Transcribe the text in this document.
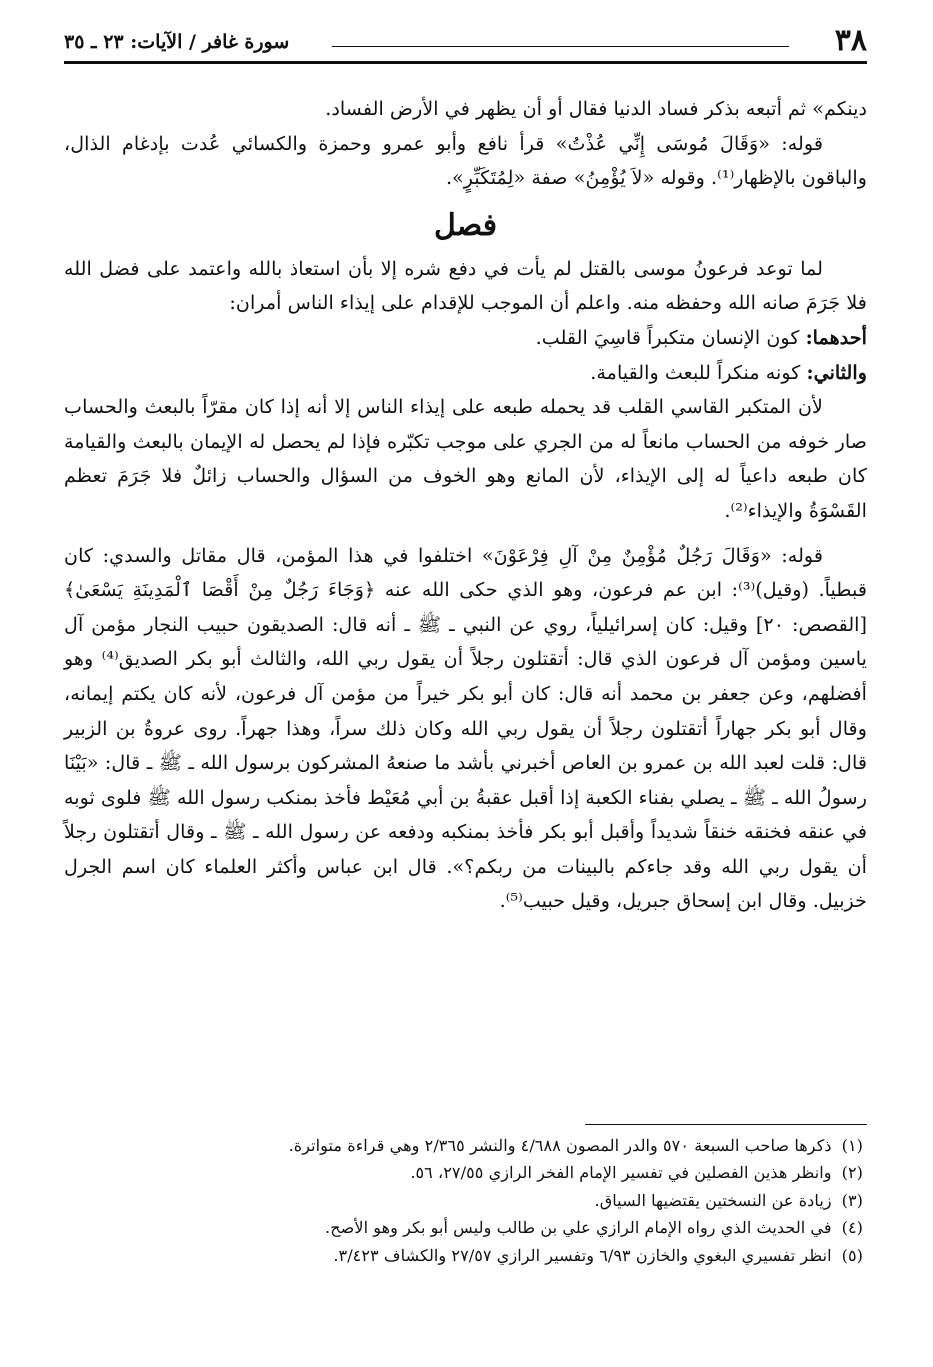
٣٨
سورة غافر / الآيات: ٢٣ ـ ٣٥

دينكم» ثم أتبعه بذكر فساد الدنيا فقال أو أن يظهر في الأرض الفساد.

قوله: «وَقَالَ مُوسَى إِنِّي عُذْتُ» قرأ نافع وأبو عمرو وحمزة والكسائي عُدت بإدغام الذال، والباقون بالإظهار⁽¹⁾. وقوله «لاَ يُؤْمِنُ» صفة «لِمُتَكَبِّرٍ».

فصل

لما توعد فرعونُ موسى بالقتل لم يأت في دفع شره إلا بأن استعاذ بالله واعتمد على فضل الله فلا جَرَمَ صانه الله وحفظه منه. واعلم أن الموجب للإقدام على إيذاء الناس أمران:

أحدهما: كون الإنسان متكبراً قاسِيَ القلب.

والثاني: كونه منكراً للبعث والقيامة.

لأن المتكبر القاسي القلب قد يحمله طبعه على إيذاء الناس إلا أنه إذا كان مقرّاً بالبعث والحساب صار خوفه من الحساب مانعاً له من الجري على موجب تكبّره فإذا لم يحصل له الإيمان بالبعث والقيامة كان طبعه داعياً له إلى الإيذاء، لأن المانع وهو الخوف من السؤال والحساب زائلٌ فلا جَرَمَ تعظم القَسْوَةُ والإيذاء⁽²⁾.

قوله: «وَقَالَ رَجُلٌ مُؤْمِنٌ مِنْ آلِ فِرْعَوْنَ» اختلفوا في هذا المؤمن، قال مقاتل والسدي: كان قبطياً. (وقيل)⁽³⁾: ابن عم فرعون، وهو الذي حكى الله عنه ﴿وَجَاءَ رَجُلٌ مِنْ أَقْصَا ٱلْمَدِينَةِ يَسْعَىٰ﴾ [القصص: ٢٠] وقيل: كان إسرائيلياً، روي عن النبي ـ ﷺ ـ أنه قال: الصديقون حبيب النجار مؤمن آل ياسين ومؤمن آل فرعون الذي قال: أتقتلون رجلاً أن يقول ربي الله، والثالث أبو بكر الصديق⁽⁴⁾ وهو أفضلهم، وعن جعفر بن محمد أنه قال: كان أبو بكر خيراً من مؤمن آل فرعون، لأنه كان يكتم إيمانه، وقال أبو بكر جهاراً أتقتلون رجلاً أن يقول ربي الله وكان ذلك سراً، وهذا جهراً. روى عروةُ بن الزبير قال: قلت لعبد الله بن عمرو بن العاص أخبرني بأشد ما صنعهُ المشركون برسول الله ـ ﷺ ـ قال: «بَيْنَا رسولُ الله ـ ﷺ ـ يصلي بفناء الكعبة إذا أقبل عقبةُ بن أبي مُعَيْط فأخذ بمنكب رسول الله ﷺ فلوى ثوبه في عنقه فخنقه خنقاً شديداً وأقبل أبو بكر فأخذ بمنكبه ودفعه عن رسول الله ـ ﷺ ـ وقال أتقتلون رجلاً أن يقول ربي الله وقد جاءكم بالبينات من ربكم؟». قال ابن عباس وأكثر العلماء كان اسم الجرل خزبيل. وقال ابن إسحاق جبريل، وقيل حبيب⁽⁵⁾.

(١)
ذكرها صاحب السبعة ٥٧٠ والدر المصون ٤/٦٨٨ والنشر ٢/٣٦٥ وهي قراءة متواترة.

(٢)
وانظر هذين الفصلين في تفسير الإمام الفخر الرازي ٢٧/٥٥، ٥٦.

(٣)
زيادة عن النسختين يقتضيها السياق.

(٤)
في الحديث الذي رواه الإمام الرازي علي بن طالب وليس أبو بكر وهو الأصح.

(٥)
انظر تفسيري البغوي والخازن ٦/٩٣ وتفسير الرازي ٢٧/٥٧ والكشاف ٣/٤٢٣.
